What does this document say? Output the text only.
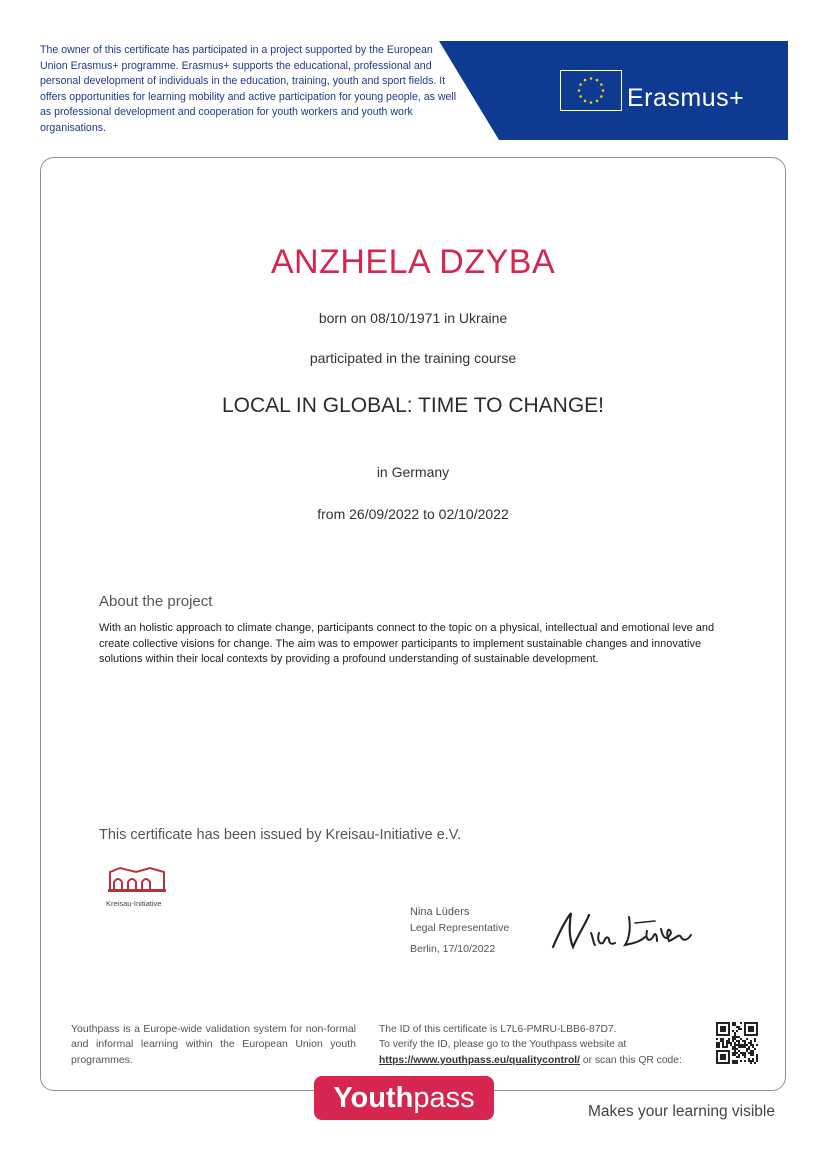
The owner of this certificate has participated in a project supported by the European Union Erasmus+ programme. Erasmus+ supports the educational, professional and personal development of individuals in the education, training, youth and sport fields. It offers opportunities for learning mobility and active participation for young people, as well as professional development and cooperation for youth workers and youth work organisations.
Erasmus+
ANZHELA DZYBA
born on 08/10/1971 in Ukraine
participated in the training course
LOCAL IN GLOBAL: TIME TO CHANGE!
in Germany
from 26/09/2022 to 02/10/2022
About the project
With an holistic approach to climate change, participants connect to the topic on a physical, intellectual and emotional leve and create collective visions for change. The aim was to empower participants to implement sustainable changes and innovative solutions within their local contexts by providing a profound understanding of sustainable development.
This certificate has been issued by Kreisau-Initiative e.V.
Kreisau-Initiative
Nina Lüders
Legal Representative
Berlin, 17/10/2022
Youthpass is a Europe-wide validation system for non-formal and informal learning within the European Union youth programmes.
The ID of this certificate is L7L6-PMRU-LBB6-87D7.
To verify the ID, please go to the Youthpass website at
https://www.youthpass.eu/qualitycontrol/ or scan this QR code:
Youthpass	Makes your learning visible
